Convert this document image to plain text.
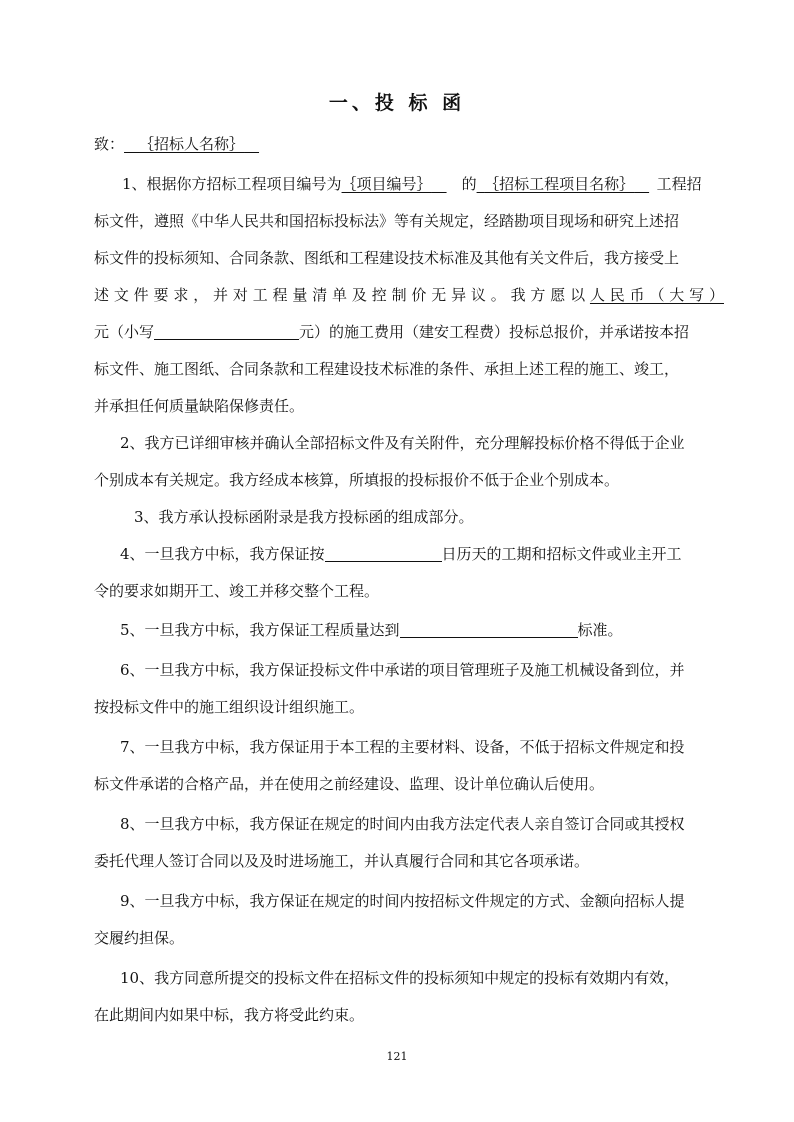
一、投 标 函
致：  ｛招标人名称｝ 
1、根据你方招标工程项目编号为｛项目编号｝   的  ｛招标工程项目名称｝   工程招
标文件，遵照《中华人民共和国招标投标法》等有关规定，经踏勘项目现场和研究上述招
标文件的投标须知、合同条款、图纸和工程建设技术标准及其他有关文件后，我方接受上
述文件要求，并对工程量清单及控制价无异议。我方愿以人民币（大写）
元（小写	元）的施工费用（建安工程费）投标总报价，并承诺按本招
标文件、施工图纸、合同条款和工程建设技术标准的条件、承担上述工程的施工、竣工，
并承担任何质量缺陷保修责任。
2、我方已详细审核并确认全部招标文件及有关附件，充分理解投标价格不得低于企业
个别成本有关规定。我方经成本核算，所填报的投标报价不低于企业个别成本。
3、我方承认投标函附录是我方投标函的组成部分。
4、一旦我方中标，我方保证按	日历天的工期和招标文件或业主开工
令的要求如期开工、竣工并移交整个工程。
5、一旦我方中标，我方保证工程质量达到	标准。
6、一旦我方中标，我方保证投标文件中承诺的项目管理班子及施工机械设备到位，并
按投标文件中的施工组织设计组织施工。
7、一旦我方中标，我方保证用于本工程的主要材料、设备，不低于招标文件规定和投
标文件承诺的合格产品，并在使用之前经建设、监理、设计单位确认后使用。
8、一旦我方中标，我方保证在规定的时间内由我方法定代表人亲自签订合同或其授权
委托代理人签订合同以及及时进场施工，并认真履行合同和其它各项承诺。
9、一旦我方中标，我方保证在规定的时间内按招标文件规定的方式、金额向招标人提
交履约担保。
10、我方同意所提交的投标文件在招标文件的投标须知中规定的投标有效期内有效，
在此期间内如果中标，我方将受此约束。
121
